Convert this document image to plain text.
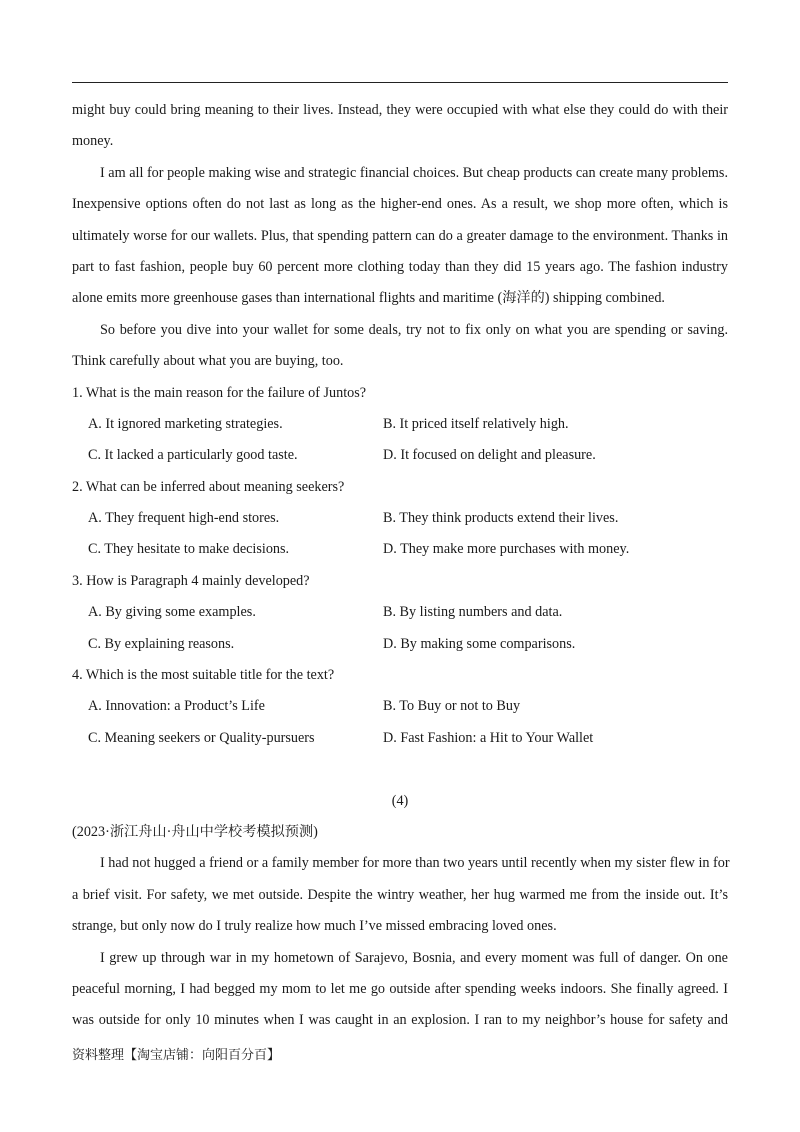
might buy could bring meaning to their lives. Instead, they were occupied with what else they could do with their
money.
I am all for people making wise and strategic financial choices. But cheap products can create many problems.
Inexpensive options often do not last as long as the higher-end ones. As a result, we shop more often, which is
ultimately worse for our wallets. Plus, that spending pattern can do a greater damage to the environment. Thanks in
part to fast fashion, people buy 60 percent more clothing today than they did 15 years ago. The fashion industry
alone emits more greenhouse gases than international flights and maritime (海洋的) shipping combined.
So before you dive into your wallet for some deals, try not to fix only on what you are spending or saving.
Think carefully about what you are buying, too.
1. What is the main reason for the failure of Juntos?
A. It ignored marketing strategies.	B. It priced itself relatively high.
C. It lacked a particularly good taste.	D. It focused on delight and pleasure.
2. What can be inferred about meaning seekers?
A. They frequent high-end stores.	B. They think products extend their lives.
C. They hesitate to make decisions.	D. They make more purchases with money.
3. How is Paragraph 4 mainly developed?
A. By giving some examples.	B. By listing numbers and data.
C. By explaining reasons.	D. By making some comparisons.
4. Which is the most suitable title for the text?
A. Innovation: a Product’s Life	B. To Buy or not to Buy
C. Meaning seekers or Quality-pursuers	D. Fast Fashion: a Hit to Your Wallet
(4)
(2023·浙江舟山·舟山中学校考模拟预测)
I had not hugged a friend or a family member for more than two years until recently when my sister flew in for
a brief visit. For safety, we met outside. Despite the wintry weather, her hug warmed me from the inside out. It’s
strange, but only now do I truly realize how much I’ve missed embracing loved ones.
I grew up through war in my hometown of Sarajevo, Bosnia, and every moment was full of danger. On one
peaceful morning, I had begged my mom to let me go outside after spending weeks indoors. She finally agreed. I
was outside for only 10 minutes when I was caught in an explosion. I ran to my neighbor’s house for safety and
资料整理【淘宝店铺：向阳百分百】
